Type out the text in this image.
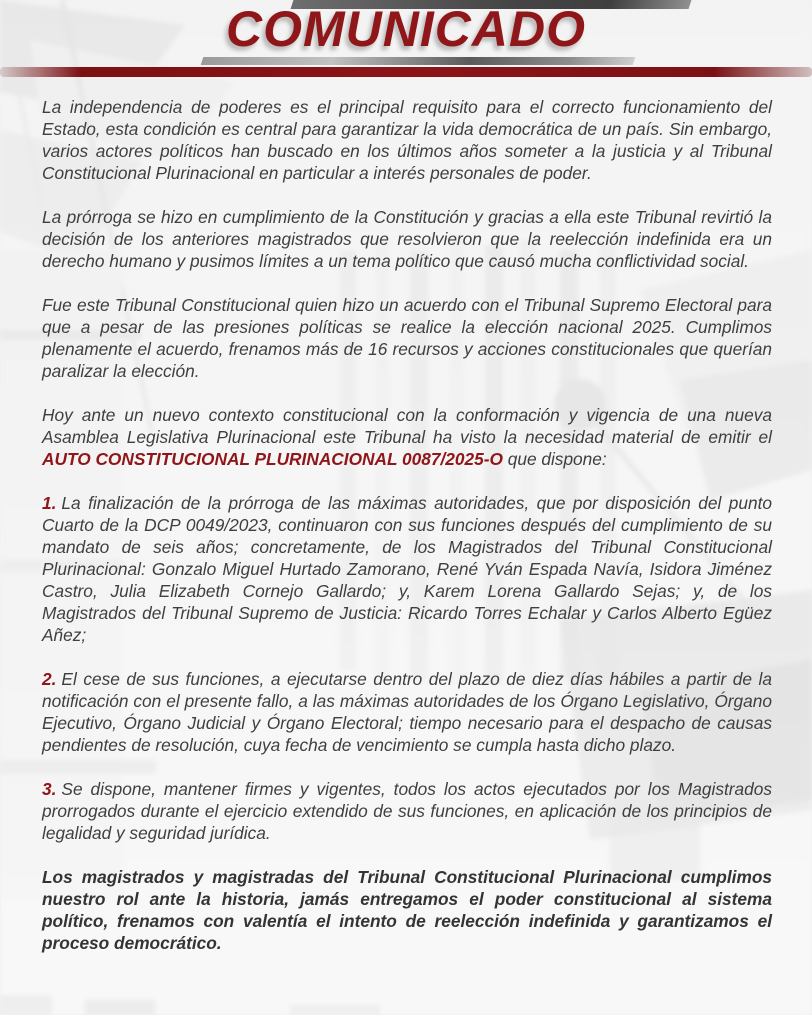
COMUNICADO

La independencia de poderes es el principal requisito para el correcto funcionamiento del Estado, esta condición es central para garantizar la vida democrática de un país. Sin embargo, varios actores políticos han buscado en los últimos años someter a la justicia y al Tribunal Constitucional Plurinacional en particular a interés personales de poder.

La prórroga se hizo en cumplimiento de la Constitución y gracias a ella este Tribunal revirtió la decisión de los anteriores magistrados que resolvieron que la reelección indefinida era un derecho humano y pusimos límites a un tema político que causó mucha conflictividad social.

Fue este Tribunal Constitucional quien hizo un acuerdo con el Tribunal Supremo Electoral para que a pesar de las presiones políticas se realice la elección nacional 2025. Cumplimos plenamente el acuerdo, frenamos más de 16 recursos y acciones constitucionales que querían paralizar la elección.

Hoy ante un nuevo contexto constitucional con la conformación y vigencia de una nueva Asamblea Legislativa Plurinacional este Tribunal ha visto la necesidad material de emitir el AUTO CONSTITUCIONAL PLURINACIONAL 0087/2025-O que dispone:

1. La finalización de la prórroga de las máximas autoridades, que por disposición del punto Cuarto de la DCP 0049/2023, continuaron con sus funciones después del cumplimiento de su mandato de seis años; concretamente, de los Magistrados del Tribunal Constitucional Plurinacional: Gonzalo Miguel Hurtado Zamorano, René Yván Espada Navía, Isidora Jiménez Castro, Julia Elizabeth Cornejo Gallardo; y, Karem Lorena Gallardo Sejas; y, de los Magistrados del Tribunal Supremo de Justicia: Ricardo Torres Echalar y Carlos Alberto Egüez Añez;

2. El cese de sus funciones, a ejecutarse dentro del plazo de diez días hábiles a partir de la notificación con el presente fallo, a las máximas autoridades de los Órgano Legislativo, Órgano Ejecutivo, Órgano Judicial y Órgano Electoral; tiempo necesario para el despacho de causas pendientes de resolución, cuya fecha de vencimiento se cumpla hasta dicho plazo.

3. Se dispone, mantener firmes y vigentes, todos los actos ejecutados por los Magistrados prorrogados durante el ejercicio extendido de sus funciones, en aplicación de los principios de legalidad y seguridad jurídica.

Los magistrados y magistradas del Tribunal Constitucional Plurinacional cumplimos nuestro rol ante la historia, jamás entregamos el poder constitucional al sistema político, frenamos con valentía el intento de reelección indefinida y garantizamos el proceso democrático.
